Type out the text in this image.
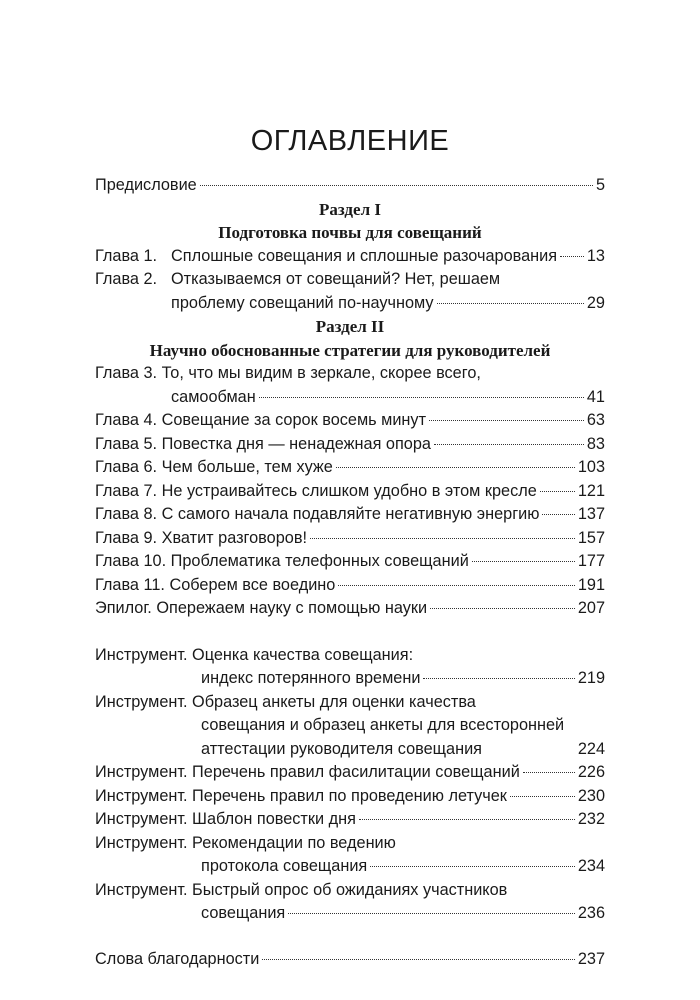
ОГЛАВЛЕНИЕ
Предисловие	5
Раздел I
Подготовка почвы для совещаний
Глава 1. Сплошные совещания и сплошные разочарования 13
Глава 2. Отказываемся от совещаний? Нет, решаем
проблему совещаний по-научному	29
Раздел II
Научно обоснованные стратегии для руководителей
Глава 3. То, что мы видим в зеркале, скорее всего,
самообман	41
Глава 4. Совещание за сорок восемь минут	63
Глава 5. Повестка дня — ненадежная опора	83
Глава 6. Чем больше, тем хуже	103
Глава 7. Не устраивайтесь слишком удобно в этом кресле	121
Глава 8. С самого начала подавляйте негативную энергию 137
Глава 9. Хватит разговоров!	157
Глава 10. Проблематика телефонных совещаний	177
Глава 11. Соберем все воедино	191
Эпилог. Опережаем науку с помощью науки	207
Инструмент. Оценка качества совещания:
индекс потерянного времени	219
Инструмент. Образец анкеты для оценки качества
совещания и образец анкеты для всесторонней
аттестации руководителя совещания	224
Инструмент. Перечень правил фасилитации совещаний	226
Инструмент. Перечень правил по проведению летучек	230
Инструмент. Шаблон повестки дня	232
Инструмент. Рекомендации по ведению
протокола совещания	234
Инструмент. Быстрый опрос об ожиданиях участников
совещания	236
Слова благодарности	237
